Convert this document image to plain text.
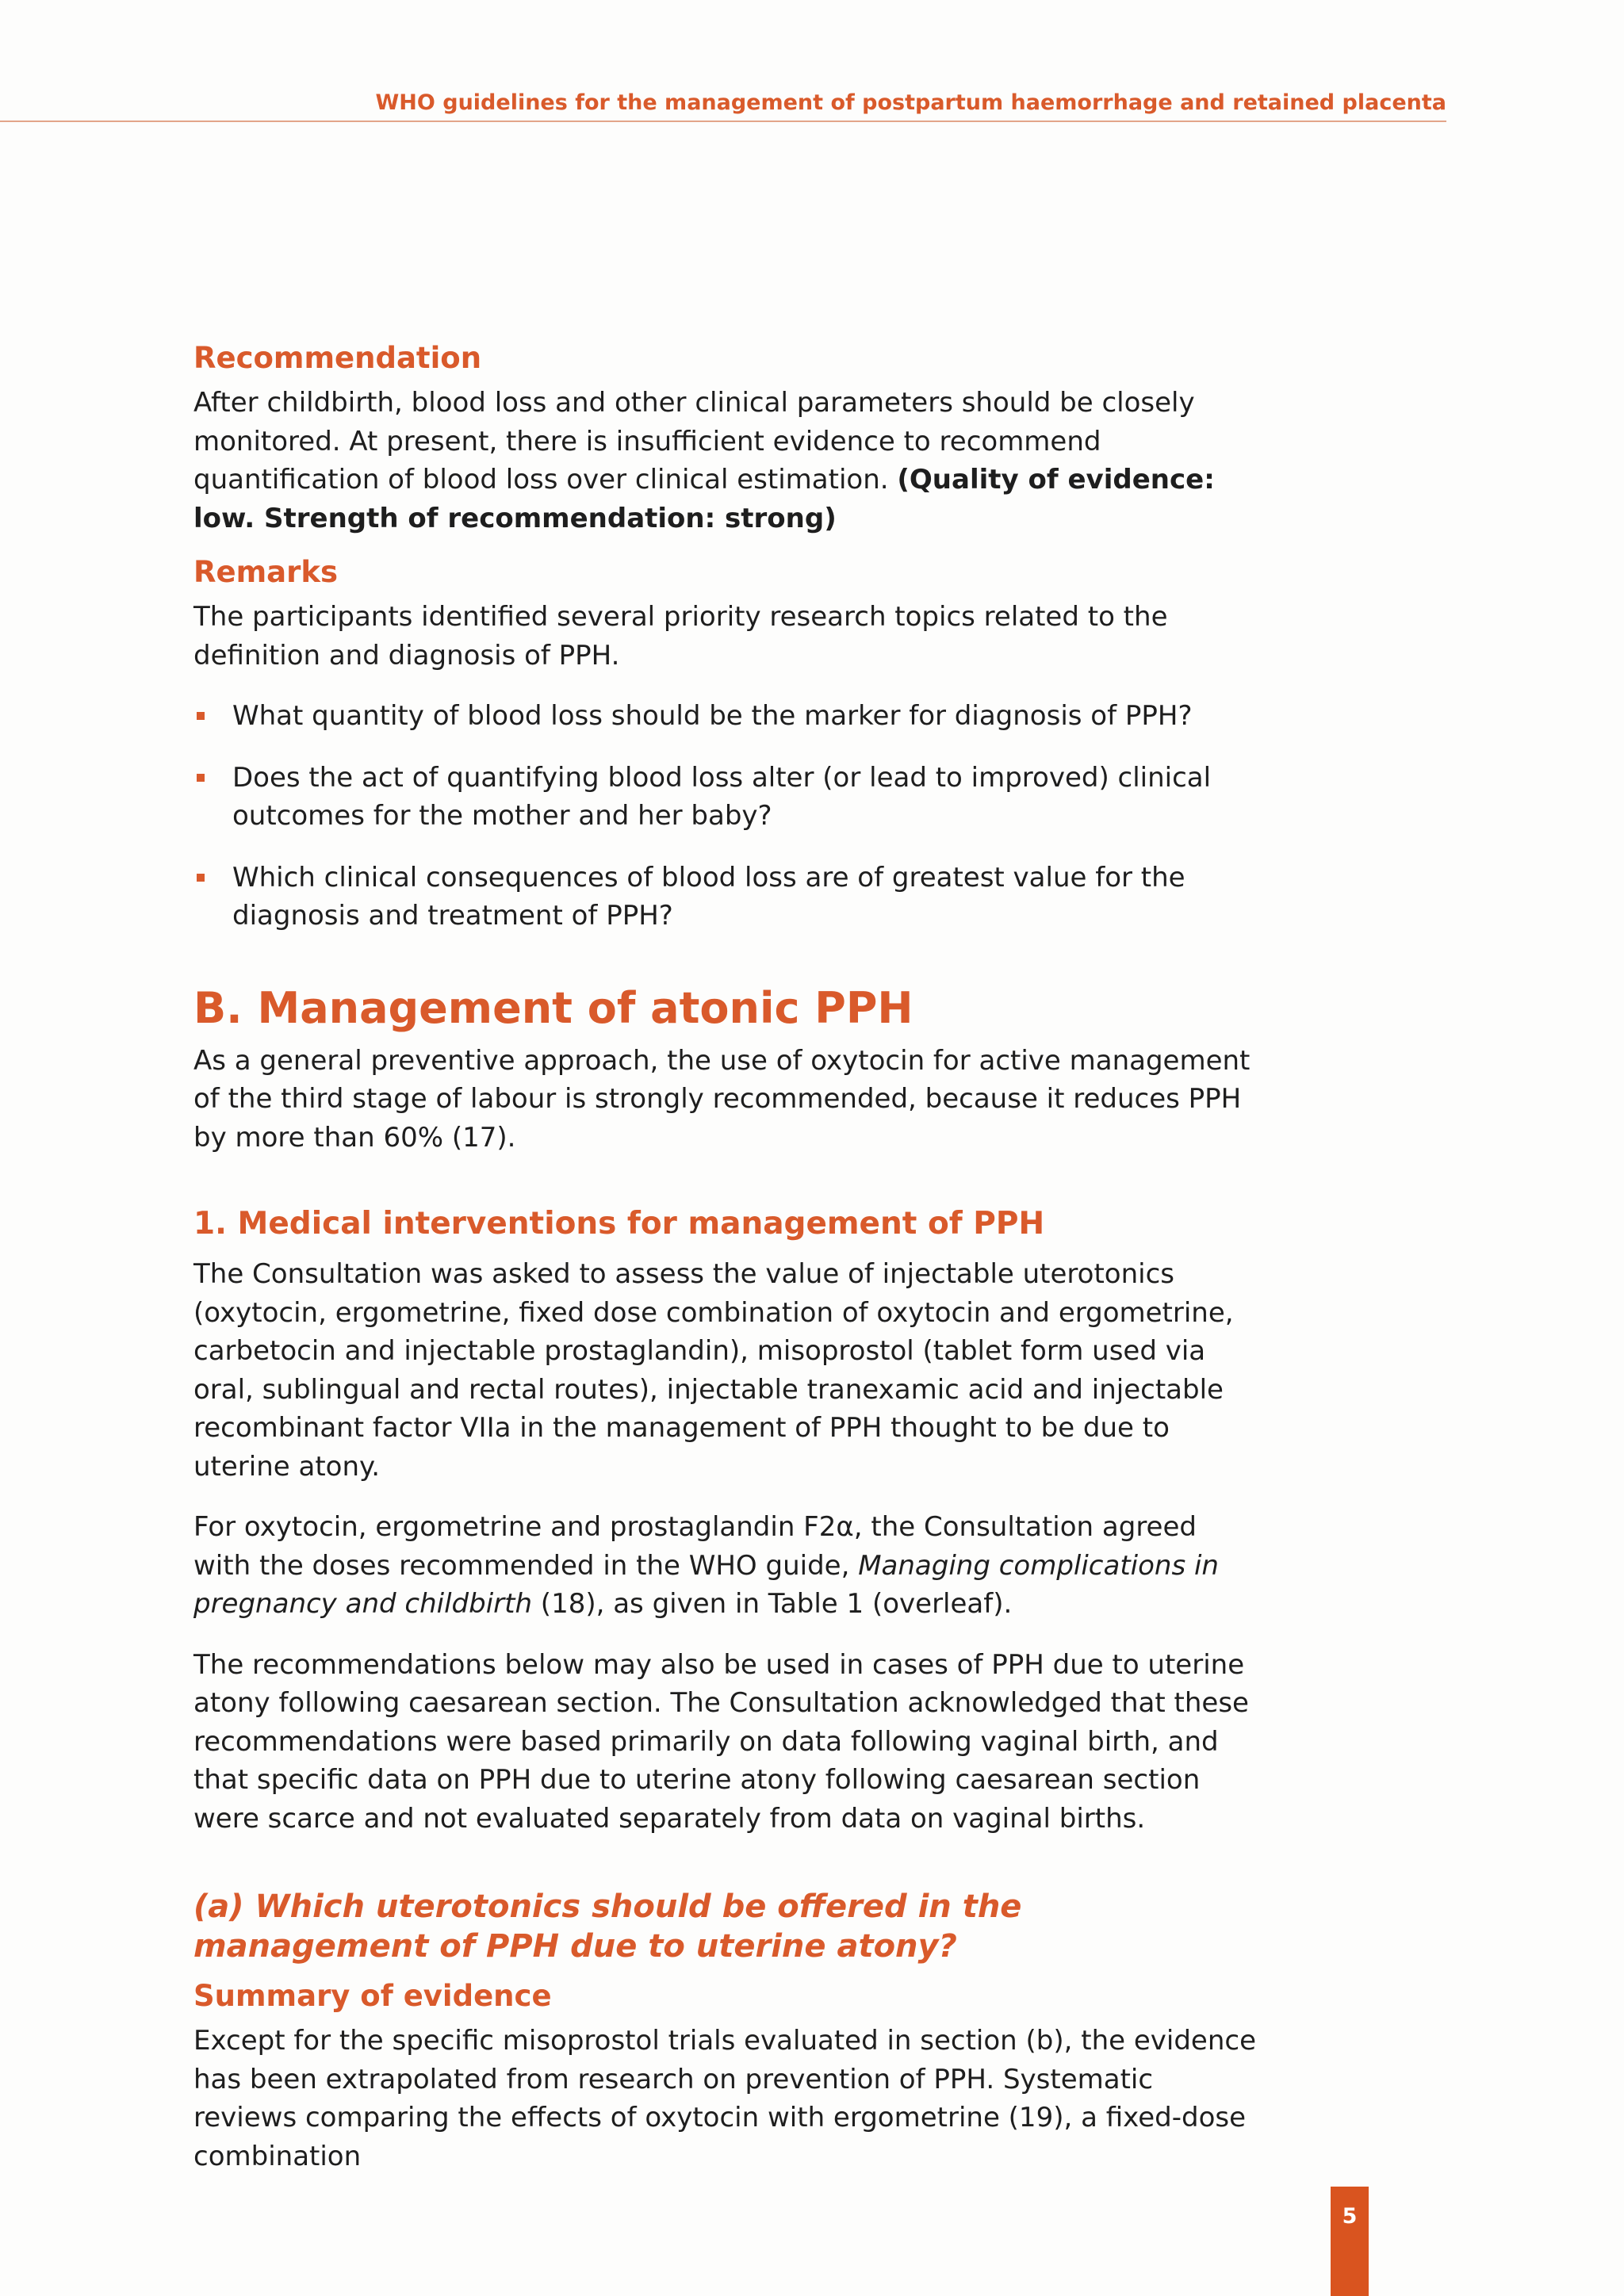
WHO guidelines for the management of postpartum haemorrhage and retained placenta
Recommendation

After childbirth, blood loss and other clinical parameters should be closely monitored. At present, there is insufficient evidence to recommend quantification of blood loss over clinical estimation. (Quality of evidence: low. Strength of recommendation: strong)

Remarks

The participants identified several priority research topics related to the definition and diagnosis of PPH.

What quantity of blood loss should be the marker for diagnosis of PPH?
Does the act of quantifying blood loss alter (or lead to improved) clinical outcomes for the mother and her baby?
Which clinical consequences of blood loss are of greatest value for the diagnosis and treatment of PPH?
B. Management of atonic PPH

As a general preventive approach, the use of oxytocin for active management of the third stage of labour is strongly recommended, because it reduces PPH by more than 60% (17).

1. Medical interventions for management of PPH

The Consultation was asked to assess the value of injectable uterotonics (oxytocin, ergometrine, fixed dose combination of oxytocin and ergometrine, carbetocin and injectable prostaglandin), misoprostol (tablet form used via oral, sublingual and rectal routes), injectable tranexamic acid and injectable recombinant factor VIIa in the management of PPH thought to be due to uterine atony.

For oxytocin, ergometrine and prostaglandin F2α, the Consultation agreed with the doses recommended in the WHO guide, Managing complications in pregnancy and childbirth (18), as given in Table 1 (overleaf).

The recommendations below may also be used in cases of PPH due to uterine atony following caesarean section. The Consultation acknowledged that these recommendations were based primarily on data following vaginal birth, and that specific data on PPH due to uterine atony following caesarean section were scarce and not evaluated separately from data on vaginal births.

(a) Which uterotonics should be offered in the management of PPH due to uterine atony?
Summary of evidence

Except for the specific misoprostol trials evaluated in section (b), the evidence has been extrapolated from research on prevention of PPH. Systematic reviews comparing the effects of oxytocin with ergometrine (19), a fixed-dose combination

5
